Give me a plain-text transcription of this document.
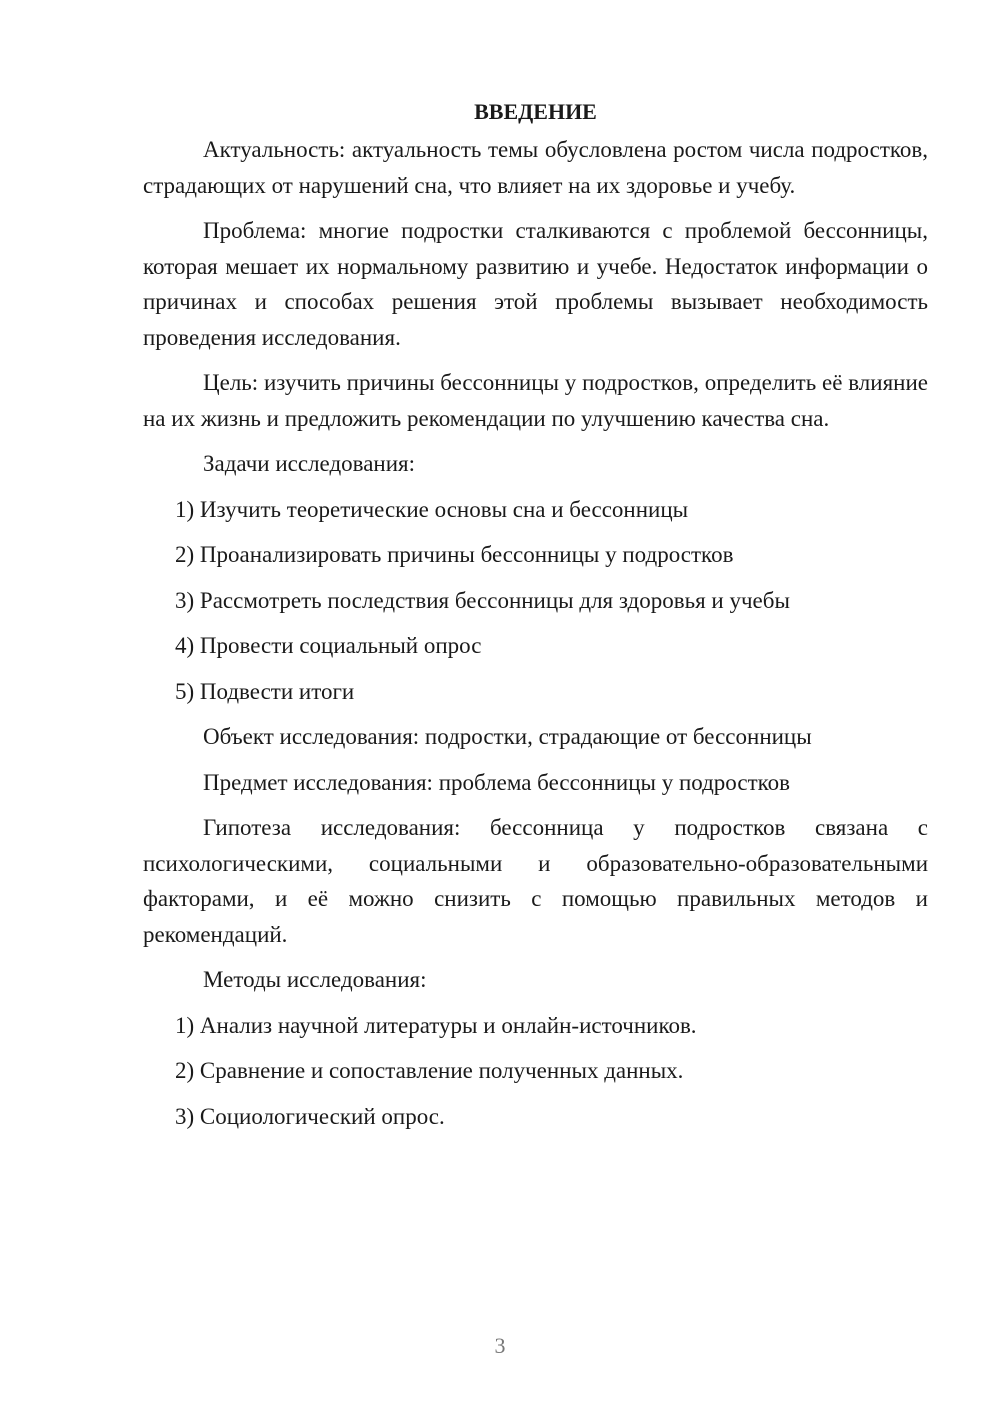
ВВЕДЕНИЕ

Актуальность: актуальность темы обусловлена ростом числа подростков, страдающих от нарушений сна, что влияет на их здоровье и учебу.

Проблема: многие подростки сталкиваются с проблемой бессонницы, которая мешает их нормальному развитию и учебе. Недостаток информации о причинах и способах решения этой проблемы вызывает необходимость проведения исследования.

Цель: изучить причины бессонницы у подростков, определить её влияние на их жизнь и предложить рекомендации по улучшению качества сна.

Задачи исследования:

1) Изучить теоретические основы сна и бессонницы
2) Проанализировать причины бессонницы у подростков
3) Рассмотреть последствия бессонницы для здоровья и учебы
4) Провести социальный опрос
5) Подвести итоги

Объект исследования: подростки, страдающие от бессонницы

Предмет исследования: проблема бессонницы у подростков

Гипотеза исследования: бессонница у подростков связана с психологическими, социальными и образовательно-образовательными факторами, и её можно снизить с помощью правильных методов и рекомендаций.

Методы исследования:

1) Анализ научной литературы и онлайн-источников.
2) Сравнение и сопоставление полученных данных.
3) Социологический опрос.
3
